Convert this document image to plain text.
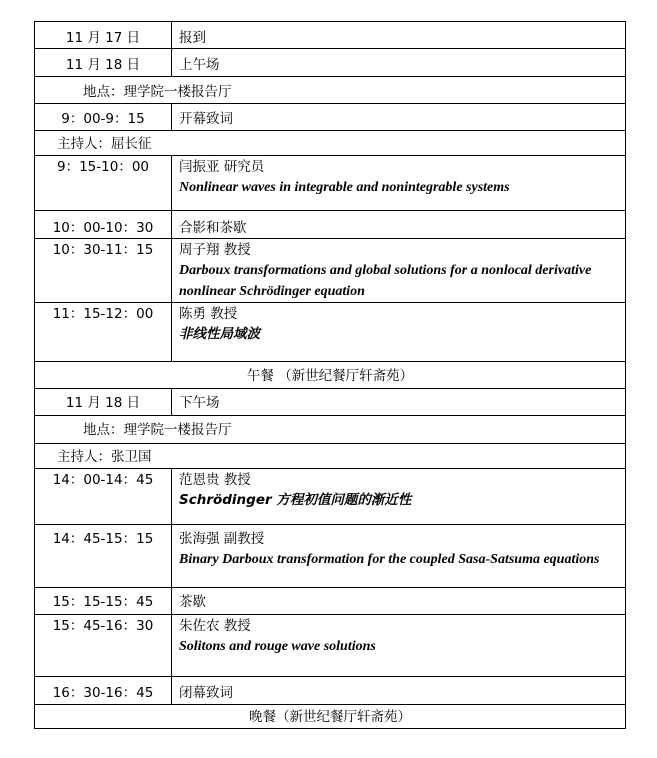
11 月 17 日	报到
11 月 18 日	上午场
地点：理学院一楼报告厅	
9：00-9：15	开幕致词
主持人：屈长征	
9：15-10：00	闫振亚 研究员
Nonlinear waves in integrable and nonintegrable systems

10：00-10：30	合影和茶歇
10：30-11：15	周子翔 教授
Darboux transformations and global solutions for a nonlocal derivative nonlinear Schrödinger equation

11：15-12：00	陈勇 教授
非线性局域波

午餐 （新世纪餐厅轩斋苑）	
11 月 18 日	下午场
地点：理学院一楼报告厅	
主持人：张卫国	
14：00-14：45	范恩贵 教授
Schrödinger 方程初值问题的渐近性

14：45-15：15	张海强 副教授
Binary Darboux transformation for the coupled Sasa-Satsuma equations

15：15-15：45	茶歇
15：45-16：30	朱佐农 教授
Solitons and rouge wave solutions

16：30-16：45	闭幕致词
晚餐（新世纪餐厅轩斋苑）	
